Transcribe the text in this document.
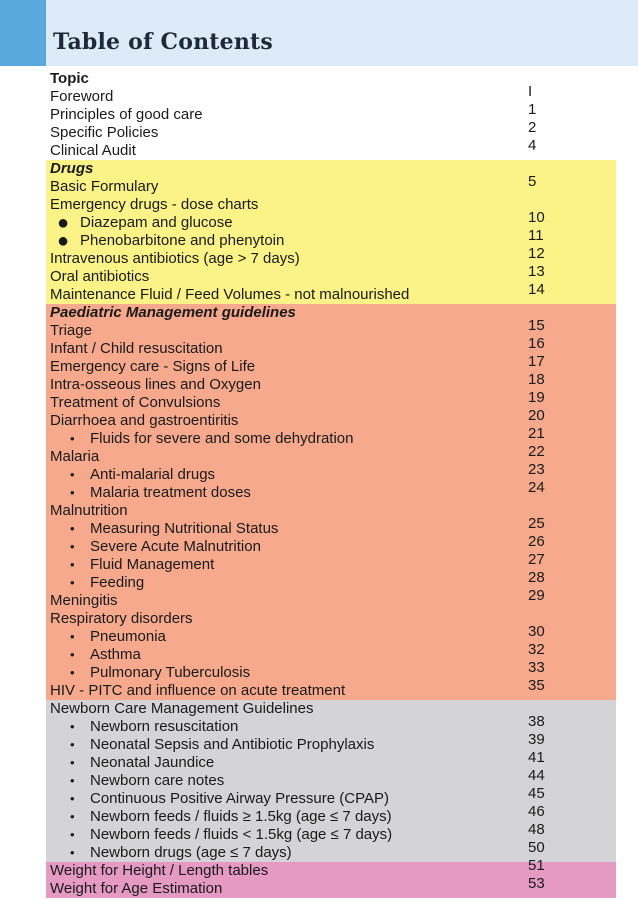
Table of Contents
Topic
Foreword	I
Principles of good care	1
Specific Policies	2
Clinical Audit	4
Drugs
Basic Formulary	5
Emergency drugs - dose charts
● Diazepam and glucose	10
● Phenobarbitone and phenytoin	11
Intravenous antibiotics (age > 7 days)	12
Oral antibiotics	13
Maintenance Fluid / Feed Volumes - not malnourished	14
Paediatric Management guidelines
Triage	15
Infant / Child resuscitation	16
Emergency care - Signs of Life	17
Intra-osseous lines and Oxygen	18
Treatment of Convulsions	19
Diarrhoea and gastroentiritis	20
• Fluids for severe and some dehydration	21
Malaria	22
• Anti-malarial drugs	23
• Malaria treatment doses	24
Malnutrition
• Measuring Nutritional Status	25
• Severe Acute Malnutrition	26
• Fluid Management	27
• Feeding	28
Meningitis	29
Respiratory disorders
• Pneumonia	30
• Asthma	32
• Pulmonary Tuberculosis	33
HIV - PITC and influence on acute treatment	35
Newborn Care Management Guidelines
• Newborn resuscitation	38
• Neonatal Sepsis and Antibiotic Prophylaxis	39
• Neonatal Jaundice	41
• Newborn care notes	44
• Continuous Positive Airway Pressure (CPAP)	45
• Newborn feeds / fluids ≥ 1.5kg (age ≤ 7 days)	46
• Newborn feeds / fluids < 1.5kg (age ≤ 7 days)	48
• Newborn drugs (age ≤ 7 days)	50
Weight for Height / Length tables	51
Weight for Age Estimation	53
